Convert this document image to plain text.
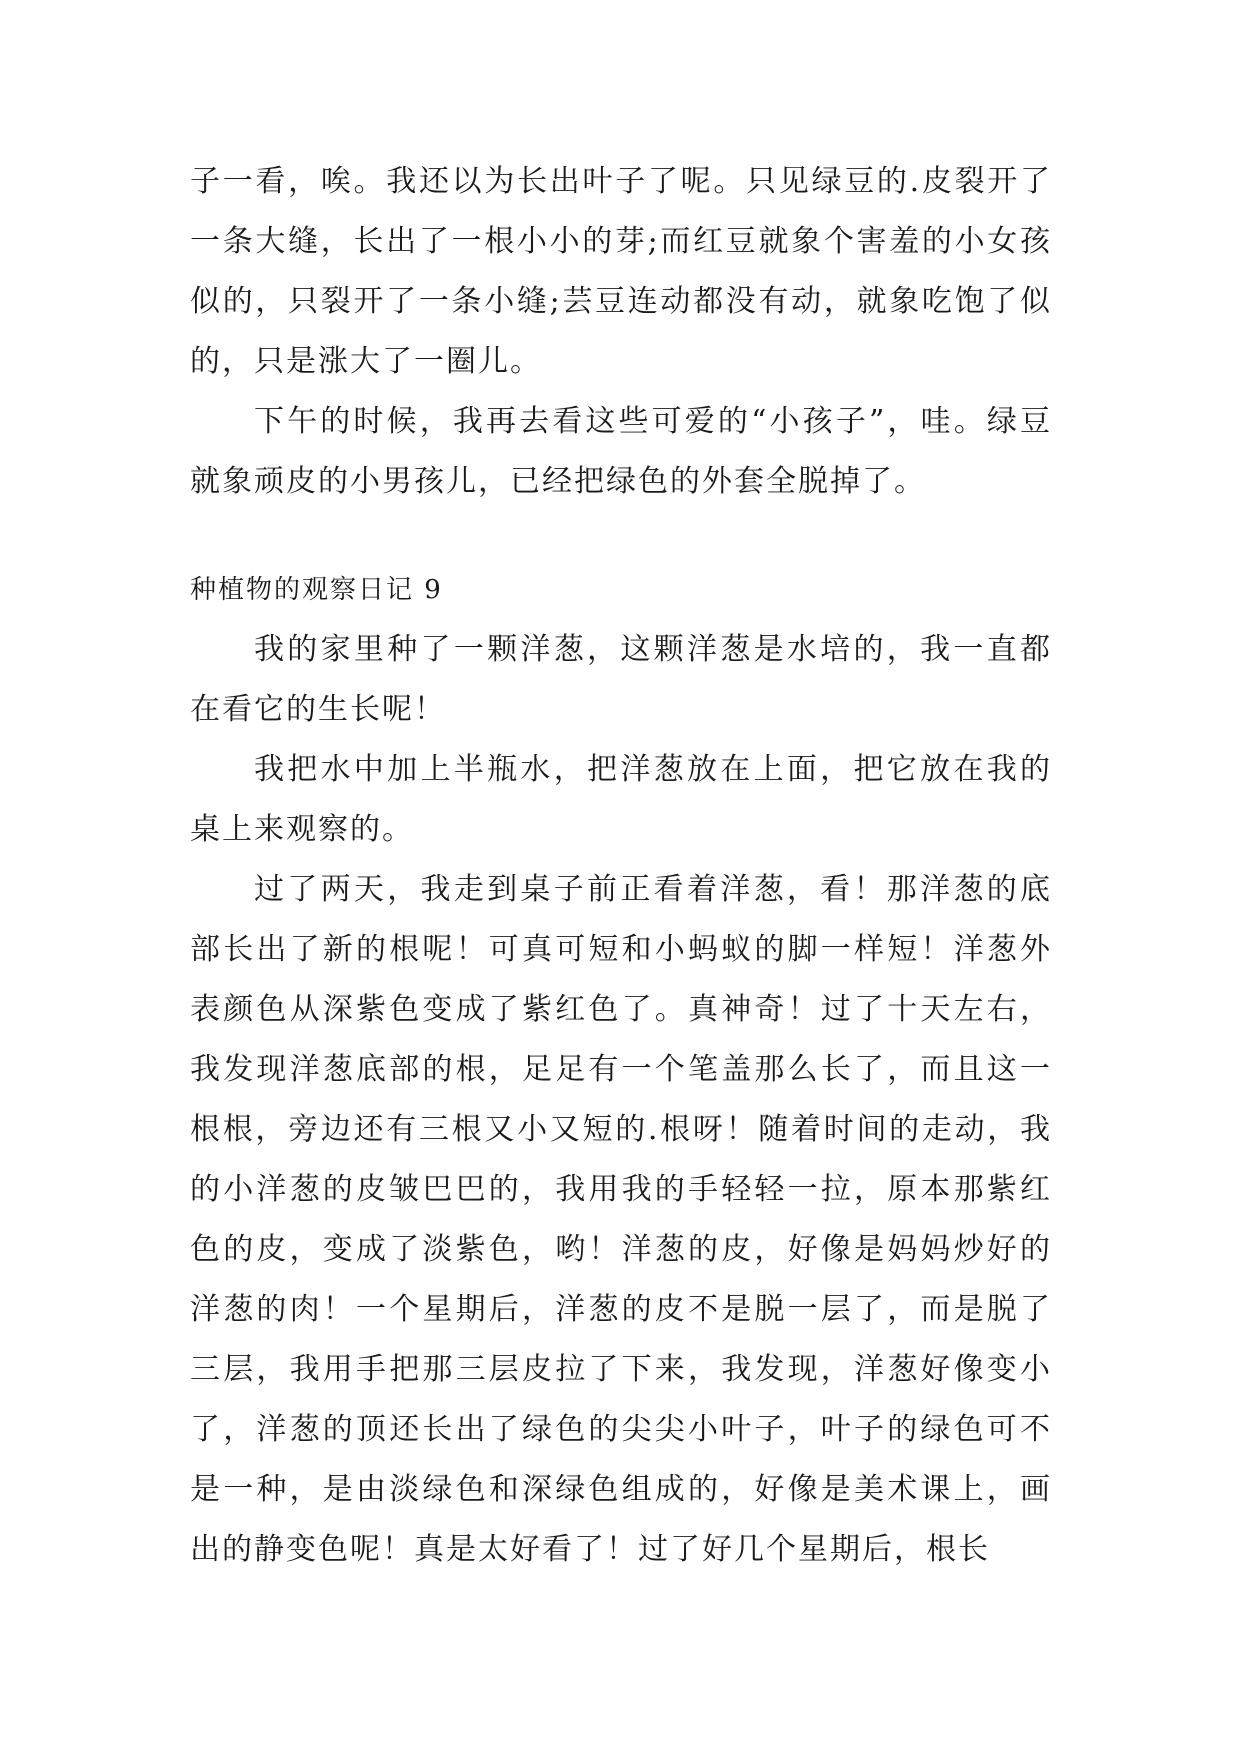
子一看，唉。我还以为长出叶子了呢。只见绿豆的.皮裂开了一条大缝，长出了一根小小的芽;而红豆就象个害羞的小女孩似的，只裂开了一条小缝;芸豆连动都没有动，就象吃饱了似的，只是涨大了一圈儿。

下午的时候，我再去看这些可爱的“小孩子”，哇。绿豆就象顽皮的小男孩儿，已经把绿色的外套全脱掉了。

种植物的观察日记 9

我的家里种了一颗洋葱，这颗洋葱是水培的，我一直都在看它的生长呢！

我把水中加上半瓶水，把洋葱放在上面，把它放在我的桌上来观察的。

过了两天，我走到桌子前正看着洋葱，看！那洋葱的底部长出了新的根呢！可真可短和小蚂蚁的脚一样短！洋葱外表颜色从深紫色变成了紫红色了。真神奇！过了十天左右，我发现洋葱底部的根，足足有一个笔盖那么长了，而且这一根根，旁边还有三根又小又短的.根呀！随着时间的走动，我的小洋葱的皮皱巴巴的，我用我的手轻轻一拉，原本那紫红色的皮，变成了淡紫色，哟！洋葱的皮，好像是妈妈炒好的洋葱的肉！一个星期后，洋葱的皮不是脱一层了，而是脱了三层，我用手把那三层皮拉了下来，我发现，洋葱好像变小了，洋葱的顶还长出了绿色的尖尖小叶子，叶子的绿色可不是一种，是由淡绿色和深绿色组成的，好像是美术课上，画出的静变色呢！真是太好看了！过了好几个星期后，根长
